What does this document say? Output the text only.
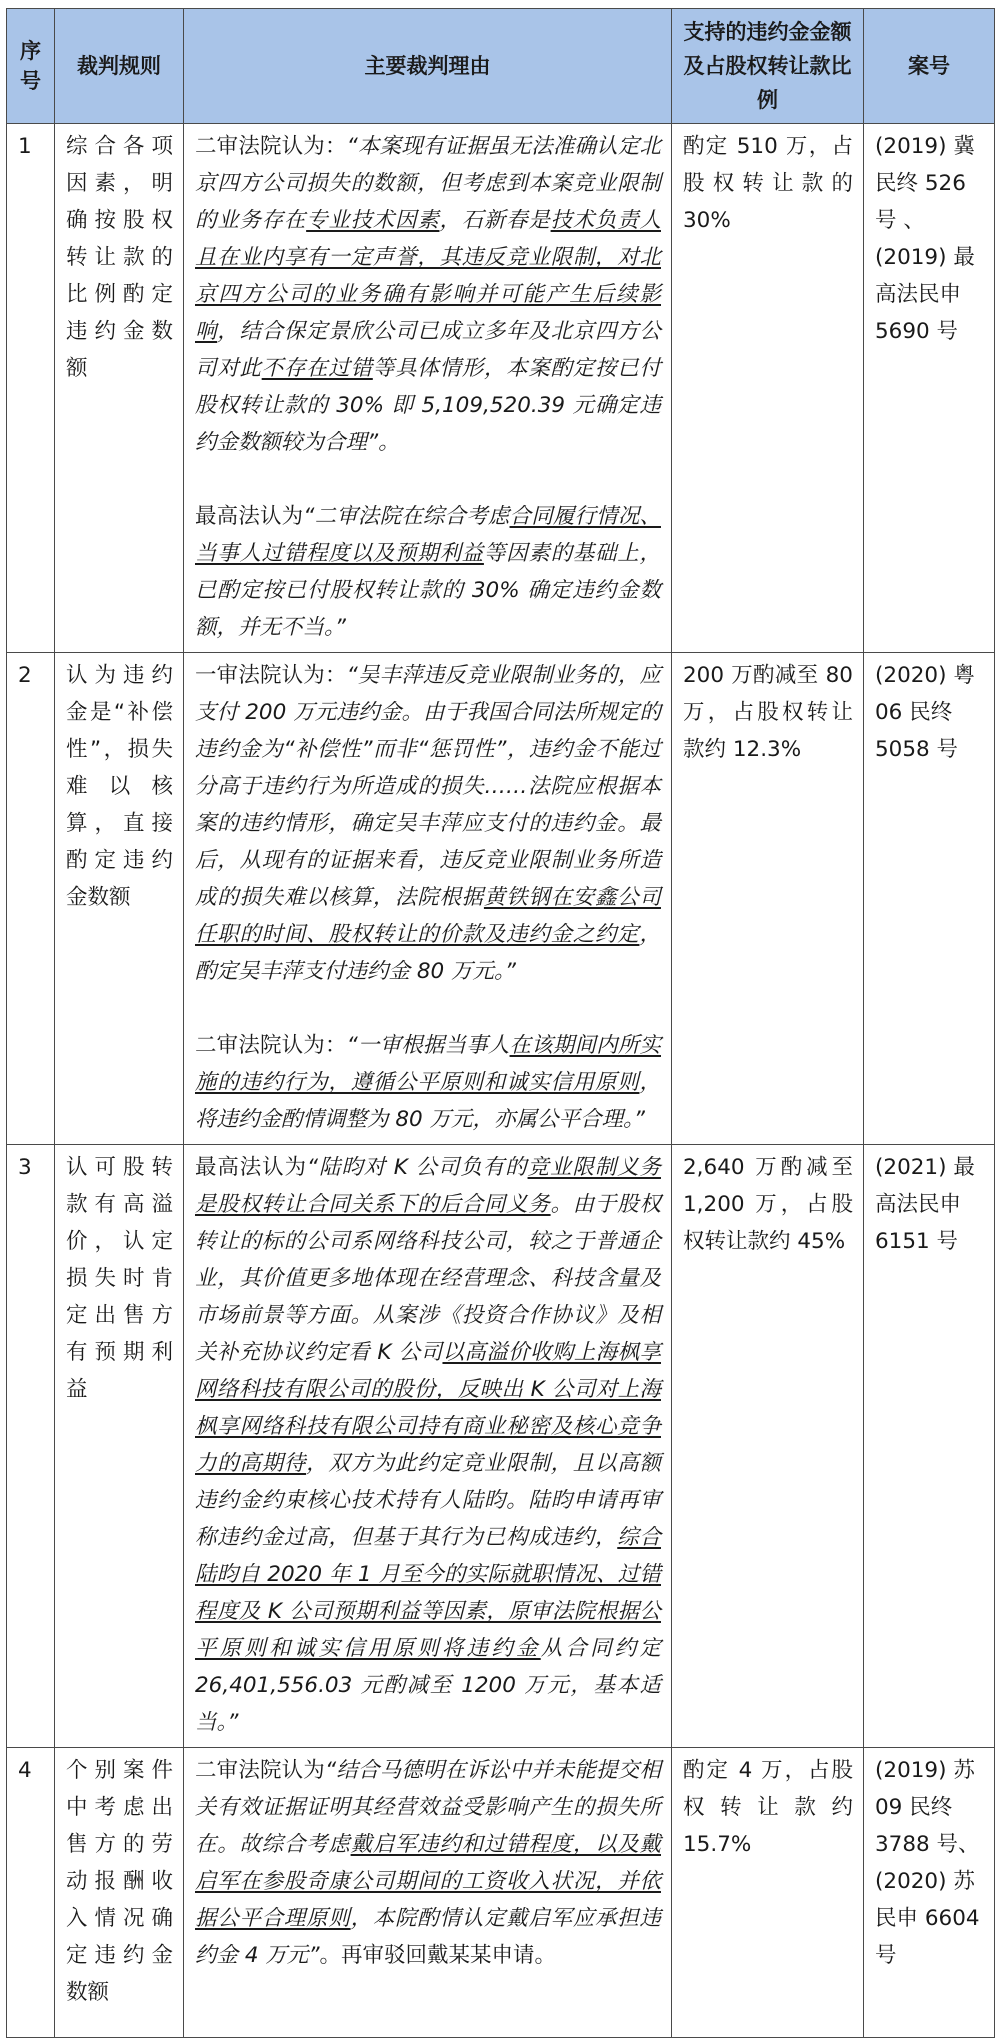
序号	裁判规则	主要裁判理由	支持的违约金金额及占股权转让款比例	案号
1	综合各项因素，明确按股权转让款的比例酌定违约金数额	二审法院认为：“本案现有证据虽无法准确认定北京四方公司损失的数额，但考虑到本案竞业限制的业务存在专业技术因素，石新春是技术负责人且在业内享有一定声誉，其违反竞业限制，对北京四方公司的业务确有影响并可能产生后续影响，结合保定景欣公司已成立多年及北京四方公司对此不存在过错等具体情形，本案酌定按已付股权转让款的 30% 即 5,109,520.39 元确定违约金数额较为合理”。

最高法认为“二审法院在综合考虑合同履行情况、当事人过错程度以及预期利益等因素的基础上，已酌定按已付股权转让款的 30% 确定违约金数额，并无不当。”	酌定 510 万，占股权转让款的 30%	(2019) 冀民终 526 号 、 (2019) 最高法民申 5690 号
2	认为违约金是“补偿性”，损失难以核算，直接酌定违约金数额	一审法院认为：“吴丰萍违反竞业限制业务的，应支付 200 万元违约金。由于我国合同法所规定的违约金为“补偿性”而非“惩罚性”，违约金不能过分高于违约行为所造成的损失……法院应根据本案的违约情形，确定吴丰萍应支付的违约金。最后，从现有的证据来看，违反竞业限制业务所造成的损失难以核算，法院根据黄铁钢在安鑫公司任职的时间、股权转让的价款及违约金之约定，酌定吴丰萍支付违约金 80 万元。”

二审法院认为：“一审根据当事人在该期间内所实施的违约行为，遵循公平原则和诚实信用原则，将违约金酌情调整为 80 万元，亦属公平合理。”	200 万酌减至 80 万，占股权转让款约 12.3%	(2020) 粤 06 民终 5058 号
3	认可股转款有高溢价，认定损失时肯定出售方有预期利益	最高法认为“陆昀对 K 公司负有的竞业限制义务是股权转让合同关系下的后合同义务。由于股权转让的标的公司系网络科技公司，较之于普通企业，其价值更多地体现在经营理念、科技含量及市场前景等方面。从案涉《投资合作协议》及相关补充协议约定看 K 公司以高溢价收购上海枫享网络科技有限公司的股份，反映出 K 公司对上海枫享网络科技有限公司持有商业秘密及核心竞争力的高期待，双方为此约定竞业限制，且以高额违约金约束核心技术持有人陆昀。陆昀申请再审称违约金过高，但基于其行为已构成违约，综合陆昀自 2020 年 1 月至今的实际就职情况、过错程度及 K 公司预期利益等因素，原审法院根据公平原则和诚实信用原则将违约金从合同约定 26,401,556.03 元酌减至 1200 万元，基本适当。”	2,640 万酌减至 1,200 万，占股权转让款约 45%	(2021) 最高法民申 6151 号
4	个别案件中考虑出售方的劳动报酬收入情况确定违约金数额	二审法院认为“结合马德明在诉讼中并未能提交相关有效证据证明其经营效益受影响产生的损失所在。故综合考虑戴启军违约和过错程度，以及戴启军在参股奇康公司期间的工资收入状况，并依据公平合理原则，本院酌情认定戴启军应承担违约金 4 万元”。再审驳回戴某某申请。	酌定 4 万，占股权转让款约 15.7%	(2019) 苏 09 民终 3788 号、(2020) 苏民申 6604 号
